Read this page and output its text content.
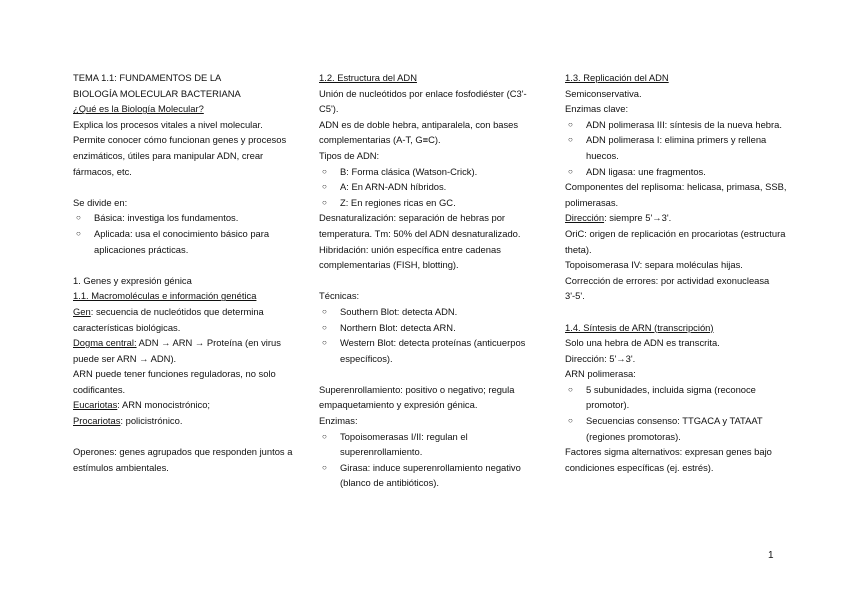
TEMA 1.1: FUNDAMENTOS DE LA
BIOLOGÍA MOLECULAR BACTERIANA
¿Qué es la Biología Molecular?
Explica los procesos vitales a nivel molecular. Permite conocer cómo funcionan genes y procesos enzimáticos, útiles para manipular ADN, crear fármacos, etc.
Se divide en:
○ Básica: investiga los fundamentos.
○ Aplicada: usa el conocimiento básico para aplicaciones prácticas.
1. Genes y expresión génica
1.1. Macromoléculas e información genética
Gen: secuencia de nucleótidos que determina características biológicas.
Dogma central: ADN → ARN → Proteína (en virus puede ser ARN → ADN).
ARN puede tener funciones reguladoras, no solo codificantes.
Eucariotas: ARN monocistrónico;
Procariotas: policistrónico.
Operones: genes agrupados que responden juntos a estímulos ambientales.
1.2. Estructura del ADN
Unión de nucleótidos por enlace fosfodiéster (C3'-C5').
ADN es de doble hebra, antiparalela, con bases complementarias (A-T, G≡C).
Tipos de ADN:
○ B: Forma clásica (Watson-Crick).
○ A: En ARN-ADN híbridos.
○ Z: En regiones ricas en GC.
Desnaturalización: separación de hebras por temperatura. Tm: 50% del ADN desnaturalizado.
Hibridación: unión específica entre cadenas complementarias (FISH, blotting).
Técnicas:
○ Southern Blot: detecta ADN.
○ Northern Blot: detecta ARN.
○ Western Blot: detecta proteínas (anticuerpos específicos).
Superenrollamiento: positivo o negativo; regula empaquetamiento y expresión génica.
Enzimas:
○ Topoisomerasas I/II: regulan el superenrollamiento.
○ Girasa: induce superenrollamiento negativo (blanco de antibióticos).
1.3. Replicación del ADN
Semiconservativa.
Enzimas clave:
○ ADN polimerasa III: síntesis de la nueva hebra.
○ ADN polimerasa I: elimina primers y rellena huecos.
○ ADN ligasa: une fragmentos.
Componentes del replisoma: helicasa, primasa, SSB, polimerasas.
Dirección: siempre 5'→3'.
OriC: origen de replicación en procariotas (estructura theta).
Topoisomerasa IV: separa moléculas hijas.
Corrección de errores: por actividad exonucleasa 3'-5'.
1.4. Síntesis de ARN (transcripción)
Solo una hebra de ADN es transcrita.
Dirección: 5'→3'.
ARN polimerasa:
○ 5 subunidades, incluida sigma (reconoce promotor).
○ Secuencias consenso: TTGACA y TATAAT (regiones promotoras).
Factores sigma alternativos: expresan genes bajo condiciones específicas (ej. estrés).
1
